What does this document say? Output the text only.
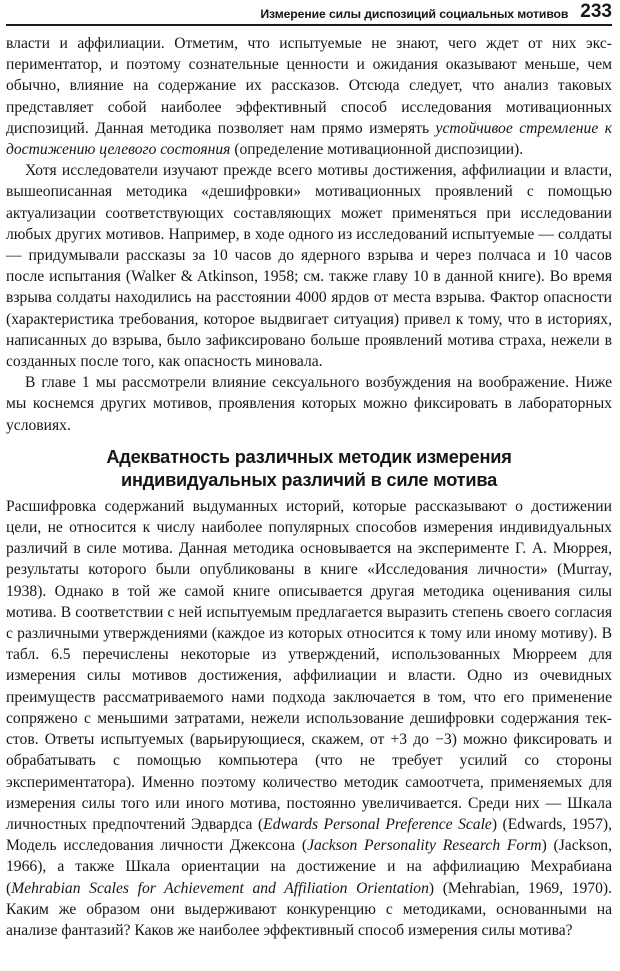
Измерение силы диспозиций социальных мотивов 233

власти и аффилиации. Отметим, что испытуемые не знают, чего ждет от них экспериментатор, и поэтому сознательные ценности и ожидания оказывают меньше, чем обычно, влияние на содержание их рассказов. Отсюда следует, что анализ таковых представляет собой наиболее эффективный способ исследования мотивационных диспозиций. Данная методика позволяет нам прямо измерять устойчивое стремление к достижению целевого состояния (определение мотивационной диспозиции).

Хотя исследователи изучают прежде всего мотивы достижения, аффилиации и власти, вышеописанная методика «дешифровки» мотивационных проявлений с помощью актуализации соответствующих составляющих может применяться при исследовании любых других мотивов. Например, в ходе одного из исследований испытуемые — солдаты — придумывали рассказы за 10 часов до ядерного взрыва и через полчаса и 10 часов после испытания (Walker & Atkinson, 1958; см. также главу 10 в данной книге). Во время взрыва солдаты находились на расстоянии 4000 ярдов от места взрыва. Фактор опасности (характеристика требования, которое выдвигает ситуация) привел к тому, что в историях, написанных до взрыва, было зафиксировано больше проявлений мотива страха, нежели в созданных после того, как опасность миновала.

В главе 1 мы рассмотрели влияние сексуального возбуждения на воображение. Ниже мы коснемся других мотивов, проявления которых можно фиксировать в лабораторных условиях.

Адекватность различных методик измерения
индивидуальных различий в силе мотива

Расшифровка содержаний выдуманных историй, которые рассказывают о достижении цели, не относится к числу наиболее популярных способов измерения индивидуальных различий в силе мотива. Данная методика основывается на эксперименте Г. А. Мюррея, результаты которого были опубликованы в книге «Исследования личности» (Murray, 1938). Однако в той же самой книге описывается другая методика оценивания силы мотива. В соответствии с ней испытуемым предлагается выразить степень своего согласия с различными утверждениями (каждое из которых относится к тому или иному мотиву). В табл. 6.5 перечислены некоторые из утверждений, использованных Мюрреем для измерения силы мотивов достижения, аффилиации и власти. Одно из очевидных преимуществ рассматриваемого нами подхода заключается в том, что его применение сопряжено с меньшими затратами, нежели использование дешифровки содержания текстов. Ответы испытуемых (варьирующиеся, скажем, от +3 до −3) можно фиксировать и обрабатывать с помощью компьютера (что не требует усилий со стороны экспериментатора). Именно поэтому количество методик самоотчета, применяемых для измерения силы того или иного мотива, постоянно увеличивается. Среди них — Шкала личностных предпочтений Эдвардса (Edwards Personal Preference Scale) (Edwards, 1957), Модель исследования личности Джексона (Jackson Personality Research Form) (Jackson, 1966), а также Шкала ориентации на достижение и на аффилиацию Мехрабиана (Mehrabian Scales for Achievement and Affiliation Orientation) (Mehrabian, 1969, 1970). Каким же образом они выдерживают конкуренцию с методиками, основанными на анализе фантазий? Каков же наиболее эффективный способ измерения силы мотива?
